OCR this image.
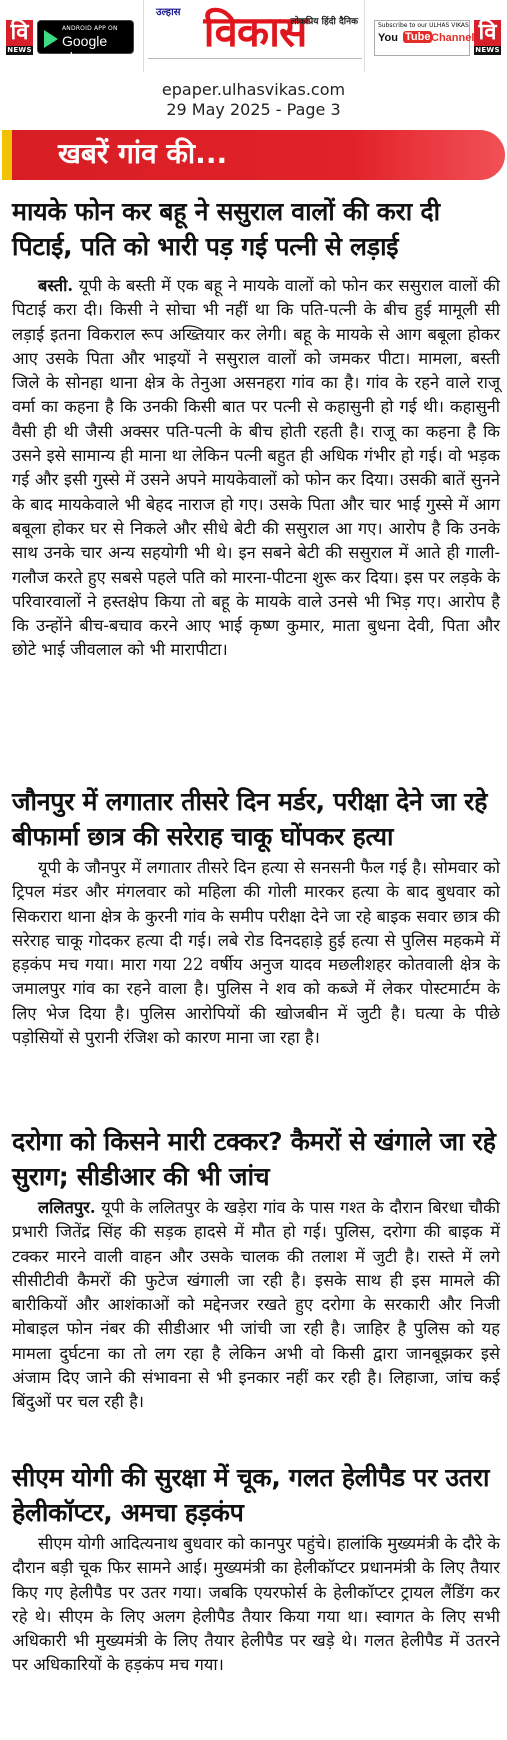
वि
NEWS
ANDROID APP ON
Google play
उल्हास विकास
लोकप्रिय हिंदी दैनिक	Subscribe to our ULHAS VIKAS
You Tube Channel वि
NEWS
epaper.ulhasvikas.com
29 May 2025 - Page 3
खबरें गांव की...
मायके फोन कर बहू ने ससुराल वालों की करा दी पिटाई, पति को भारी पड़ गई पत्नी से लड़ाई

बस्ती. यूपी के बस्ती में एक बहू ने मायके वालों को फोन कर ससुराल वालों की पिटाई करा दी। किसी ने सोचा भी नहीं था कि पति-पत्नी के बीच हुई मामूली सी लड़ाई इतना विकराल रूप अख्तियार कर लेगी। बहू के मायके से आग बबूला होकर आए उसके पिता और भाइयों ने ससुराल वालों को जमकर पीटा। मामला, बस्ती जिले के सोनहा थाना क्षेत्र के तेनुआ असनहरा गांव का है। गांव के रहने वाले राजू वर्मा का कहना है कि उनकी किसी बात पर पत्नी से कहासुनी हो गई थी। कहासुनी वैसी ही थी जैसी अक्सर पति-पत्नी के बीच होती रहती है। राजू का कहना है कि उसने इसे सामान्य ही माना था लेकिन पत्नी बहुत ही अधिक गंभीर हो गई। वो भड़क गई और इसी गुस्से में उसने अपने मायकेवालों को फोन कर दिया। उसकी बातें सुनने के बाद मायकेवाले भी बेहद नाराज हो गए। उसके पिता और चार भाई गुस्से में आग बबूला होकर घर से निकले और सीधे बेटी की ससुराल आ गए। आरोप है कि उनके साथ उनके चार अन्य सहयोगी भी थे। इन सबने बेटी की ससुराल में आते ही गाली-गलौज करते हुए सबसे पहले पति को मारना-पीटना शुरू कर दिया। इस पर लड़के के परिवारवालों ने हस्तक्षेप किया तो बहू के मायके वाले उनसे भी भिड़ गए। आरोप है कि उन्होंने बीच-बचाव करने आए भाई कृष्ण कुमार, माता बुधना देवी, पिता और छोटे भाई जीवलाल को भी मारापीटा।

जौनपुर में लगातार तीसरे दिन मर्डर, परीक्षा देने जा रहे बीफार्मा छात्र की सरेराह चाकू घोंपकर हत्या

यूपी के जौनपुर में लगातार तीसरे दिन हत्या से सनसनी फैल गई है। सोमवार को ट्रिपल मंडर और मंगलवार को महिला की गोली मारकर हत्या के बाद बुधवार को सिकरारा थाना क्षेत्र के कुरनी गांव के समीप परीक्षा देने जा रहे बाइक सवार छात्र की सरेराह चाकू गोदकर हत्या दी गई। लबे रोड दिनदहाड़े हुई हत्या से पुलिस महकमे में हड़कंप मच गया। मारा गया 22 वर्षीय अनुज यादव मछलीशहर कोतवाली क्षेत्र के जमालपुर गांव का रहने वाला है। पुलिस ने शव को कब्जे में लेकर पोस्टमार्टम के लिए भेज दिया है। पुलिस आरोपियों की खोजबीन में जुटी है। घत्या के पीछे पड़ोसियों से पुरानी रंजिश को कारण माना जा रहा है।

दरोगा को किसने मारी टक्कर? कैमरों से खंगाले जा रहे सुराग; सीडीआर की भी जांच

ललितपुर. यूपी के ललितपुर के खड़ेरा गांव के पास गश्त के दौरान बिरधा चौकी प्रभारी जितेंद्र सिंह की सड़क हादसे में मौत हो गई। पुलिस, दरोगा की बाइक में टक्कर मारने वाली वाहन और उसके चालक की तलाश में जुटी है। रास्ते में लगे सीसीटीवी कैमरों की फुटेज खंगाली जा रही है। इसके साथ ही इस मामले की बारीकियों और आशंकाओं को मद्देनजर रखते हुए दरोगा के सरकारी और निजी मोबाइल फोन नंबर की सीडीआर भी जांची जा रही है। जाहिर है पुलिस को यह मामला दुर्घटना का तो लग रहा है लेकिन अभी वो किसी द्वारा जानबूझकर इसे अंजाम दिए जाने की संभावना से भी इनकार नहीं कर रही है। लिहाजा, जांच कई बिंदुओं पर चल रही है।

सीएम योगी की सुरक्षा में चूक, गलत हेलीपैड पर उतरा हेलीकॉप्टर, अमचा हड़कंप

सीएम योगी आदित्यनाथ बुधवार को कानपुर पहुंचे। हालांकि मुख्यमंत्री के दौरे के दौरान बड़ी चूक फिर सामने आई। मुख्यमंत्री का हेलीकॉप्टर प्रधानमंत्री के लिए तैयार किए गए हेलीपैड पर उतर गया। जबकि एयरफोर्स के हेलीकॉप्टर ट्रायल लैंडिंग कर रहे थे। सीएम के लिए अलग हेलीपैड तैयार किया गया था। स्वागत के लिए सभी अधिकारी भी मुख्यमंत्री के लिए तैयार हेलीपैड पर खड़े थे। गलत हेलीपैड में उतरने पर अधिकारियों के हड़कंप मच गया।
